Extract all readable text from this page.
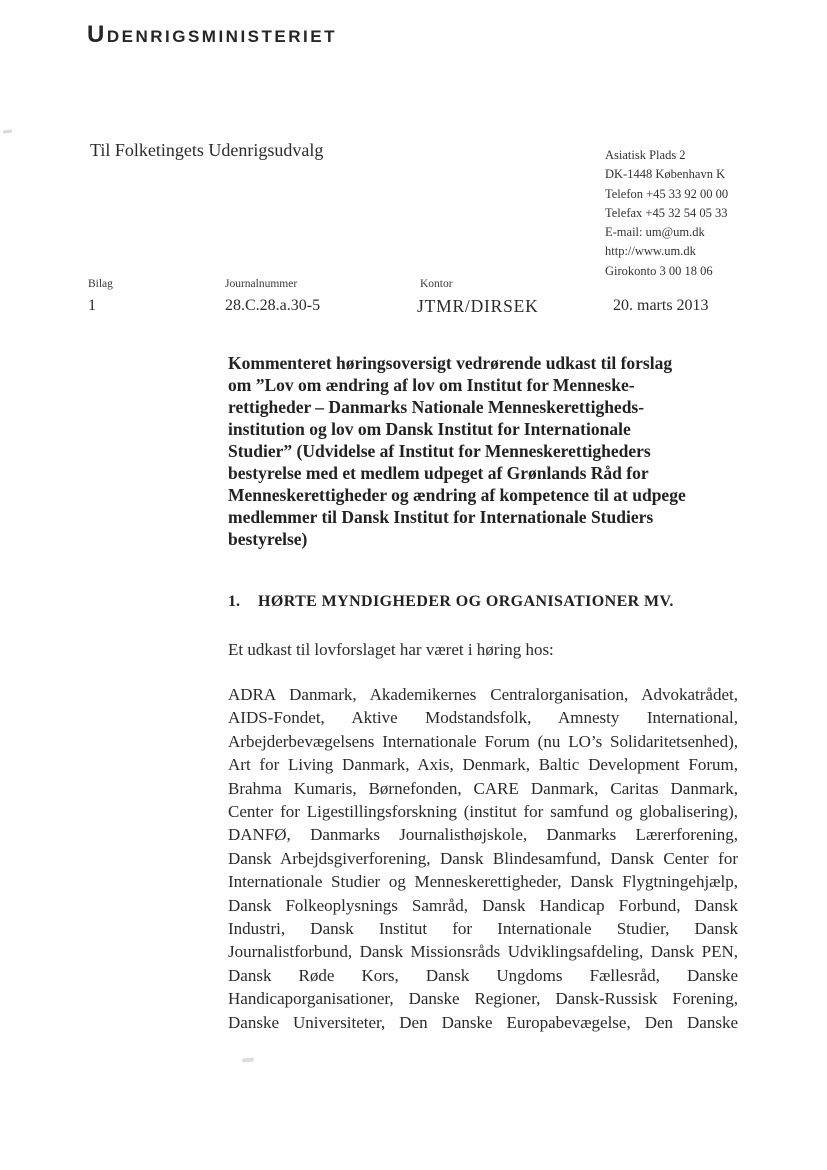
Udenrigsministeriet
Til Folketingets Udenrigsudvalg	Asiatisk Plads 2
DK-1448 København K
Telefon +45 33 92 00 00
Telefax +45 32 54 05 33
E-mail: um@um.dk
http://www.um.dk
Girokonto 3 00 18 06
Bilag	Journalnummer	Kontor
1	28.C.28.a.30-5	JTMR/DIRSEK	20. marts 2013
Kommenteret høringsoversigt vedrørende udkast til forslag
om ”Lov om ændring af lov om Institut for Menneske-
rettigheder – Danmarks Nationale Menneskerettigheds-
institution og lov om Dansk Institut for Internationale
Studier” (Udvidelse af Institut for Menneskerettigheders
bestyrelse med et medlem udpeget af Grønlands Råd for
Menneskerettigheder og ændring af kompetence til at udpege
medlemmer til Dansk Institut for Internationale Studiers
bestyrelse)
1. HØRTE MYNDIGHEDER OG ORGANISATIONER MV.
Et udkast til lovforslaget har været i høring hos:
ADRA Danmark, Akademikernes Centralorganisation, Advokatrådet,
AIDS-Fondet, Aktive Modstandsfolk, Amnesty International,
Arbejderbevægelsens Internationale Forum (nu LO’s Solidaritetsenhed),
Art for Living Danmark, Axis, Denmark, Baltic Development Forum,
Brahma Kumaris, Børnefonden, CARE Danmark, Caritas Danmark,
Center for Ligestillingsforskning (institut for samfund og globalisering),
DANFØ, Danmarks Journalisthøjskole, Danmarks Lærerforening,
Dansk Arbejdsgiverforening, Dansk Blindesamfund, Dansk Center for
Internationale Studier og Menneskerettigheder, Dansk Flygtningehjælp,
Dansk Folkeoplysnings Samråd, Dansk Handicap Forbund, Dansk
Industri, Dansk Institut for Internationale Studier, Dansk
Journalistforbund, Dansk Missionsråds Udviklingsafdeling, Dansk PEN,
Dansk Røde Kors, Dansk Ungdoms Fællesråd, Danske
Handicaporganisationer, Danske Regioner, Dansk-Russisk Forening,
Danske Universiteter, Den Danske Europabevægelse, Den Danske
